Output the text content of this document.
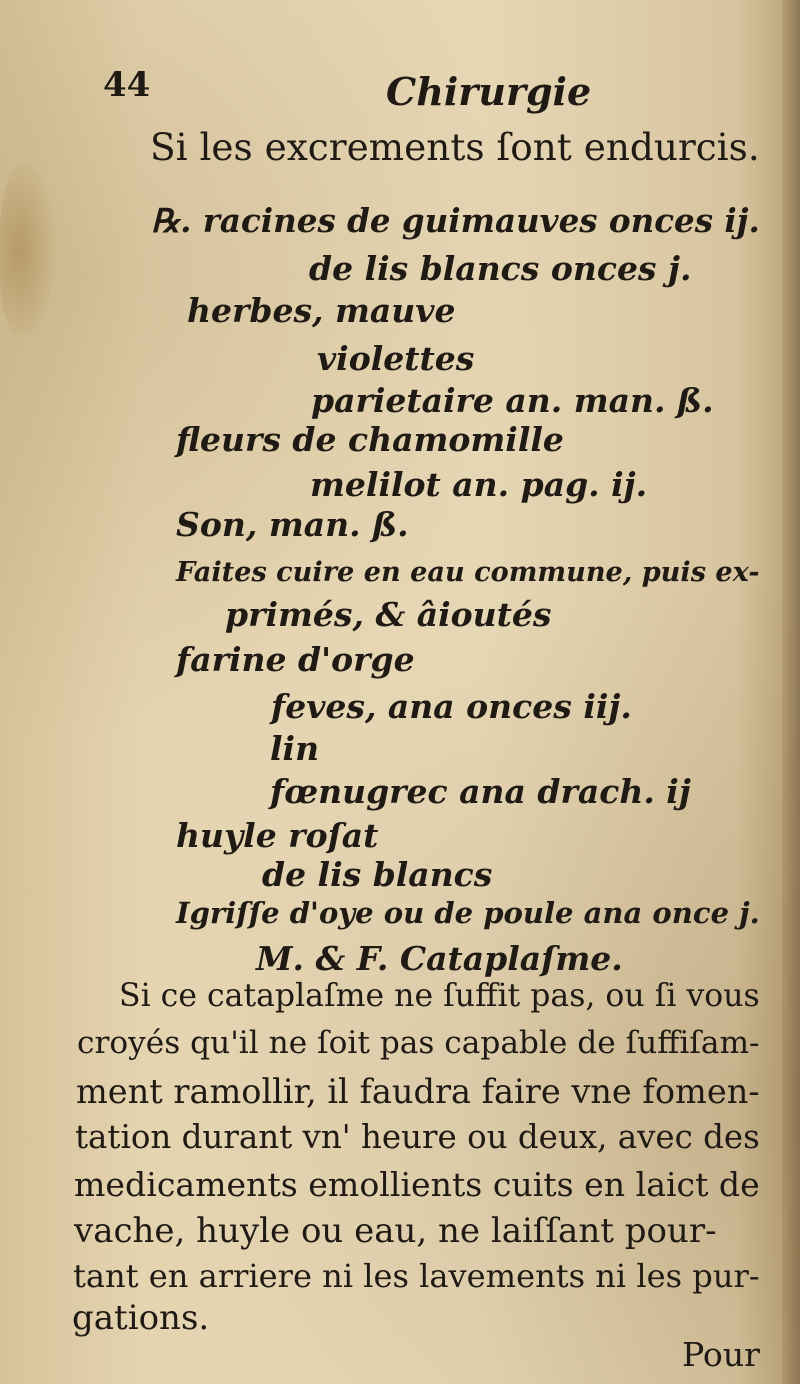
44	Chirurgie
Si les excrements ſont endurcis.
℞. racines de guimauves onces ij.
de lis blancs onces j.
herbes, mauve
violettes
parietaire an. man. ß.
fleurs de chamomille
melilot an. pag. ij.
Son, man. ß.
Faites cuire en eau commune, puis ex-
primés, & âioutés
farine d'orge
feves, ana onces iij.
lin
fœnugrec ana drach. ij
huyle roſat
de lis blancs
Igriſſe d'oye ou de poule ana once j.
M. & F. Cataplaſme.
Si ce cataplaſme ne ſuffit pas, ou ſi vous
croyés qu'il ne ſoit pas capable de ſuffiſam-
ment ramollir, il faudra faire vne fomen-
tation durant vn' heure ou deux, avec des
medicaments emollients cuits en laict de
vache, huyle ou eau, ne laiſſant pour-
tant en arriere ni les lavements ni les pur-
gations.
Pour
